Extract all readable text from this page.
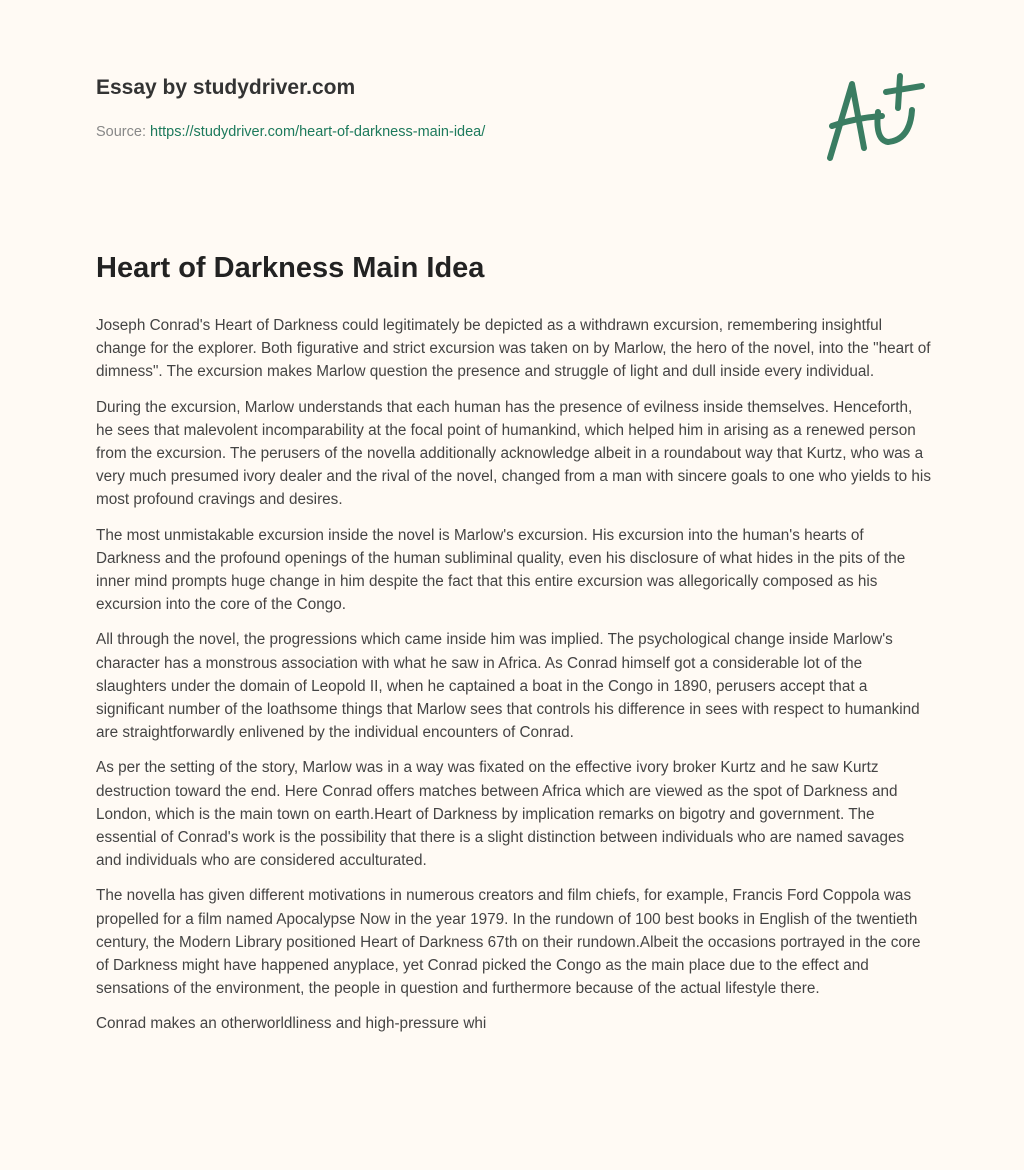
Essay by studydriver.com
Source: https://studydriver.com/heart-of-darkness-main-idea/
Heart of Darkness Main Idea

Joseph Conrad's Heart of Darkness could legitimately be depicted as a withdrawn excursion, remembering insightful change for the explorer. Both figurative and strict excursion was taken on by Marlow, the hero of the novel, into the "heart of dimness". The excursion makes Marlow question the presence and struggle of light and dull inside every individual.

During the excursion, Marlow understands that each human has the presence of evilness inside themselves. Henceforth, he sees that malevolent incomparability at the focal point of humankind, which helped him in arising as a renewed person from the excursion. The perusers of the novella additionally acknowledge albeit in a roundabout way that Kurtz, who was a very much presumed ivory dealer and the rival of the novel, changed from a man with sincere goals to one who yields to his most profound cravings and desires.

The most unmistakable excursion inside the novel is Marlow's excursion. His excursion into the human's hearts of Darkness and the profound openings of the human subliminal quality, even his disclosure of what hides in the pits of the inner mind prompts huge change in him despite the fact that this entire excursion was allegorically composed as his excursion into the core of the Congo.

All through the novel, the progressions which came inside him was implied. The psychological change inside Marlow's character has a monstrous association with what he saw in Africa. As Conrad himself got a considerable lot of the slaughters under the domain of Leopold II, when he captained a boat in the Congo in 1890, perusers accept that a significant number of the loathsome things that Marlow sees that controls his difference in sees with respect to humankind are straightforwardly enlivened by the individual encounters of Conrad.

As per the setting of the story, Marlow was in a way was fixated on the effective ivory broker Kurtz and he saw Kurtz destruction toward the end. Here Conrad offers matches between Africa which are viewed as the spot of Darkness and London, which is the main town on earth.Heart of Darkness by implication remarks on bigotry and government. The essential of Conrad's work is the possibility that there is a slight distinction between individuals who are named savages and individuals who are considered acculturated.

The novella has given different motivations in numerous creators and film chiefs, for example, Francis Ford Coppola was propelled for a film named Apocalypse Now in the year 1979. In the rundown of 100 best books in English of the twentieth century, the Modern Library positioned Heart of Darkness 67th on their rundown.Albeit the occasions portrayed in the core of Darkness might have happened anyplace, yet Conrad picked the Congo as the main place due to the effect and sensations of the environment, the people in question and furthermore because of the actual lifestyle there.

Conrad makes an otherworldliness and high-pressure whi
